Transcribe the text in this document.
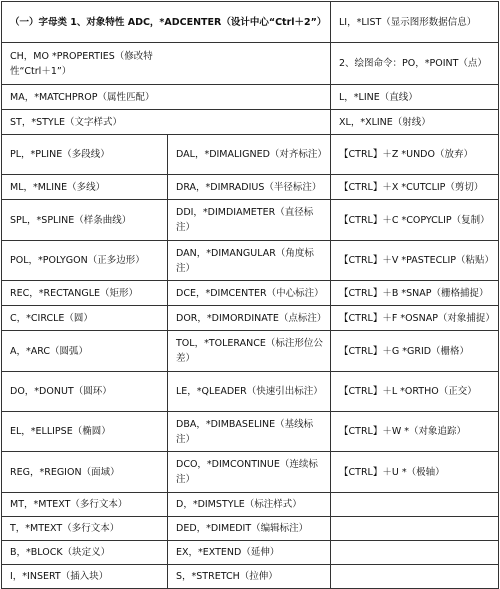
（一）字母类 1、对象特性 ADC，*ADCENTER（设计中心“Ctrl＋2”）		LI，*LIST（显示图形数据信息）
CH，MO *PROPERTIES（修改特性“Ctrl＋1”）		2、绘图命令：PO，*POINT（点）
MA，*MATCHPROP（属性匹配）		L，*LINE（直线）
ST，*STYLE（文字样式）		XL，*XLINE（射线）
PL，*PLINE（多段线）	DAL，*DIMALIGNED（对齐标注）	【CTRL】＋Z *UNDO（放弃）
ML，*MLINE（多线）	DRA，*DIMRADIUS（半径标注）	【CTRL】＋X *CUTCLIP（剪切）
SPL，*SPLINE（样条曲线）	DDI，*DIMDIAMETER（直径标注）	【CTRL】＋C *COPYCLIP（复制）
POL，*POLYGON（正多边形）	DAN，*DIMANGULAR（角度标注）	【CTRL】＋V *PASTECLIP（粘贴）
REC，*RECTANGLE（矩形）	DCE，*DIMCENTER（中心标注）	【CTRL】＋B *SNAP（栅格捕捉）
C，*CIRCLE（圆）	DOR，*DIMORDINATE（点标注）	【CTRL】＋F *OSNAP（对象捕捉）
A，*ARC（圆弧）	TOL，*TOLERANCE（标注形位公差）	【CTRL】＋G *GRID（栅格）
DO，*DONUT（圆环）	LE，*QLEADER（快速引出标注）	【CTRL】＋L *ORTHO（正交）
EL，*ELLIPSE（椭圆）	DBA，*DIMBASELINE（基线标注）	【CTRL】＋W *（对象追踪）
REG，*REGION（面域）	DCO，*DIMCONTINUE（连续标注）	【CTRL】＋U *（极轴）
MT，*MTEXT（多行文本）	D，*DIMSTYLE（标注样式）	
T，*MTEXT（多行文本）	DED，*DIMEDIT（编辑标注）	
B，*BLOCK（块定义）	EX，*EXTEND（延伸）	
I，*INSERT（插入块）	S，*STRETCH（拉伸）	
